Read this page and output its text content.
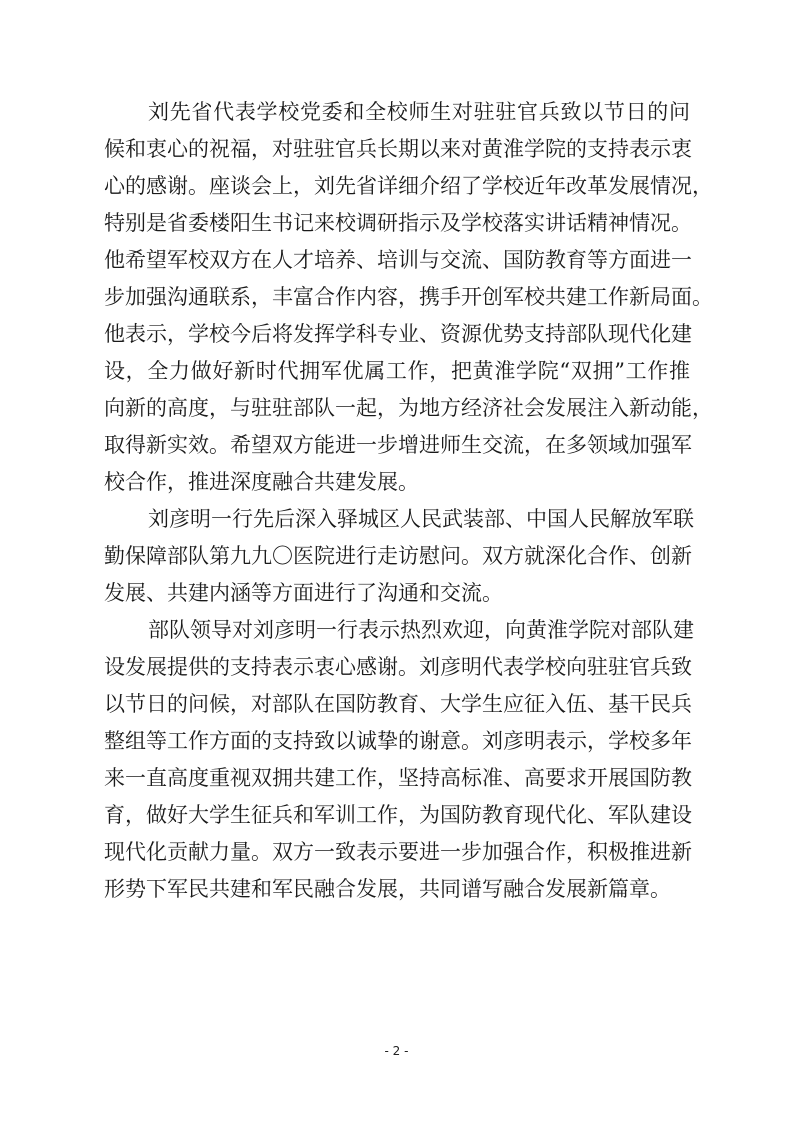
刘先省代表学校党委和全校师生对驻驻官兵致以节日的问
候和衷心的祝福，对驻驻官兵长期以来对黄淮学院的支持表示衷
心的感谢。座谈会上，刘先省详细介绍了学校近年改革发展情况，
特别是省委楼阳生书记来校调研指示及学校落实讲话精神情况。
他希望军校双方在人才培养、培训与交流、国防教育等方面进一
步加强沟通联系，丰富合作内容，携手开创军校共建工作新局面。
他表示，学校今后将发挥学科专业、资源优势支持部队现代化建
设，全力做好新时代拥军优属工作，把黄淮学院“双拥”工作推
向新的高度，与驻驻部队一起，为地方经济社会发展注入新动能，
取得新实效。希望双方能进一步增进师生交流，在多领域加强军
校合作，推进深度融合共建发展。
刘彦明一行先后深入驿城区人民武装部、中国人民解放军联
勤保障部队第九九〇医院进行走访慰问。双方就深化合作、创新
发展、共建内涵等方面进行了沟通和交流。
部队领导对刘彦明一行表示热烈欢迎，向黄淮学院对部队建
设发展提供的支持表示衷心感谢。刘彦明代表学校向驻驻官兵致
以节日的问候，对部队在国防教育、大学生应征入伍、基干民兵
整组等工作方面的支持致以诚挚的谢意。刘彦明表示，学校多年
来一直高度重视双拥共建工作，坚持高标准、高要求开展国防教
育，做好大学生征兵和军训工作，为国防教育现代化、军队建设
现代化贡献力量。双方一致表示要进一步加强合作，积极推进新
形势下军民共建和军民融合发展，共同谱写融合发展新篇章。
- 2 -
